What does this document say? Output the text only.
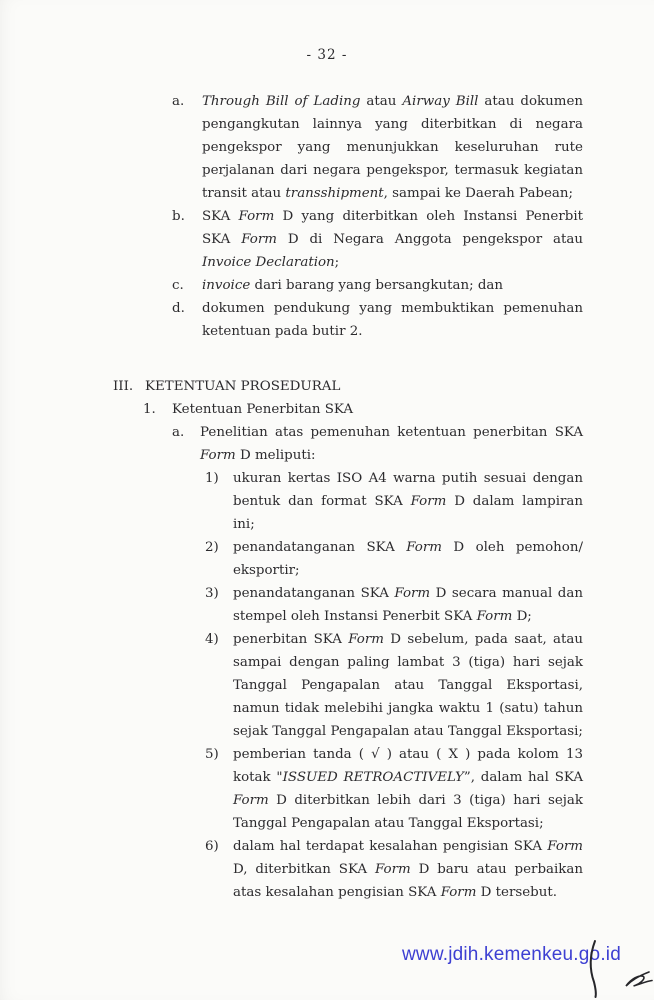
- 32 -
a.	Through Bill of Lading atau Airway Bill atau dokumen pengangkutan lainnya yang diterbitkan di negara pengekspor yang menunjukkan keseluruhan rute perjalanan dari negara pengekspor, termasuk kegiatan transit atau transshipment, sampai ke Daerah Pabean;
b.	SKA Form D yang diterbitkan oleh Instansi Penerbit SKA Form D di Negara Anggota pengekspor atau Invoice Declaration;
c.	invoice dari barang yang bersangkutan; dan
d.	dokumen pendukung yang membuktikan pemenuhan ketentuan pada butir 2.
III. KETENTUAN PROSEDURAL
1.	Ketentuan Penerbitan SKA
a.	Penelitian atas pemenuhan ketentuan penerbitan SKA Form D meliputi:
1)	ukuran kertas ISO A4 warna putih sesuai dengan bentuk dan format SKA Form D dalam lampiran ini;
2)	penandatanganan SKA Form D oleh pemohon/ eksportir;
3)	penandatanganan SKA Form D secara manual dan stempel oleh Instansi Penerbit SKA Form D;
4)	penerbitan SKA Form D sebelum, pada saat, atau sampai dengan paling lambat 3 (tiga) hari sejak Tanggal Pengapalan atau Tanggal Eksportasi, namun tidak melebihi jangka waktu 1 (satu) tahun sejak Tanggal Pengapalan atau Tanggal Eksportasi;
5)	pemberian tanda ( √ ) atau ( X ) pada kolom 13 kotak "ISSUED RETROACTIVELY”, dalam hal SKA Form D diterbitkan lebih dari 3 (tiga) hari sejak Tanggal Pengapalan atau Tanggal Eksportasi;
6)	dalam hal terdapat kesalahan pengisian SKA Form D, diterbitkan SKA Form D baru atau perbaikan atas kesalahan pengisian SKA Form D tersebut.
www.jdih.kemenkeu.go.id
